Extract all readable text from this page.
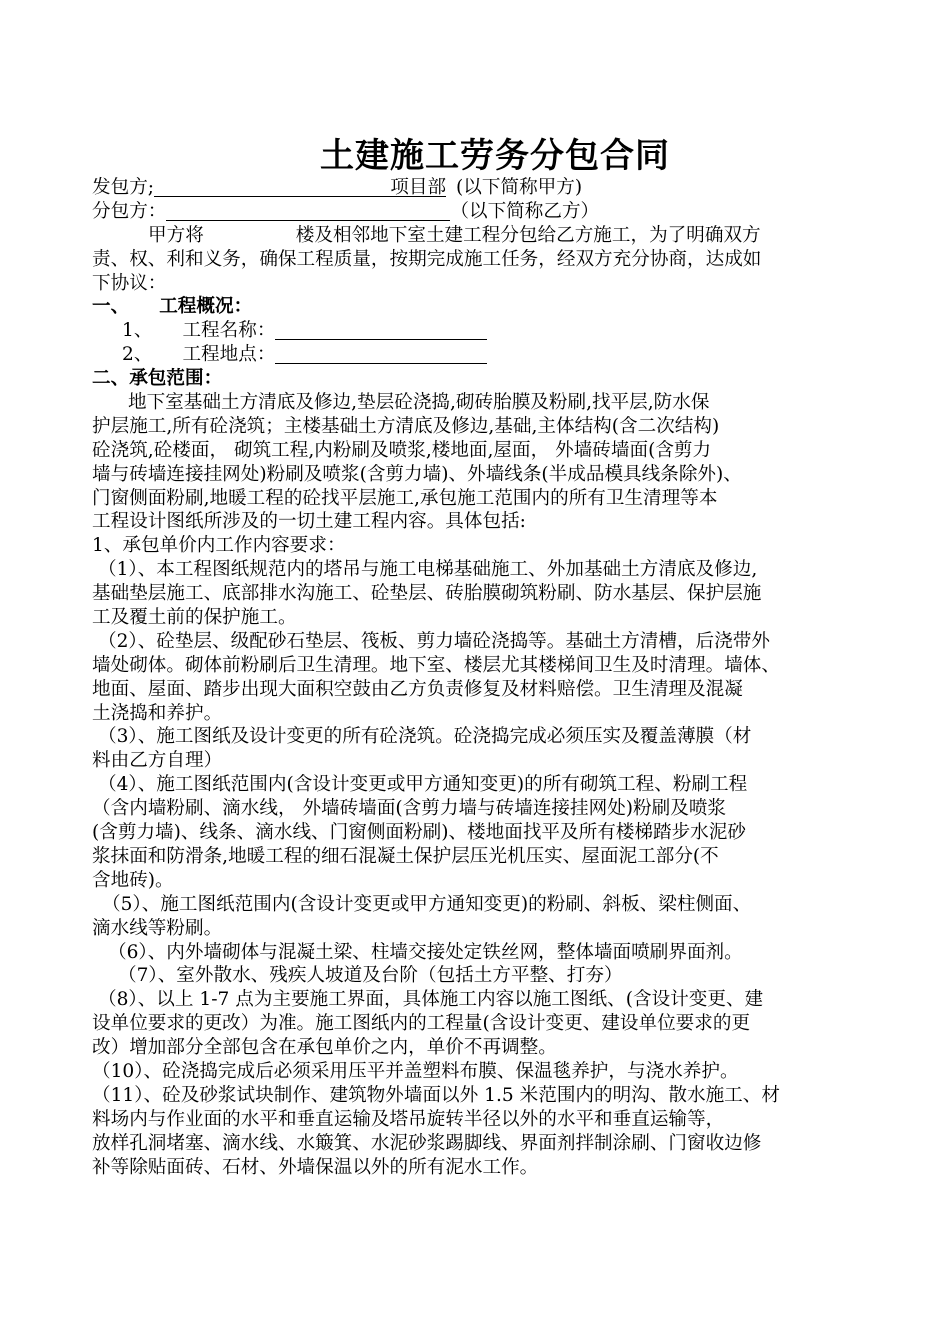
土建施工劳务分包合同
发包方;	项目部 (以下简称甲方)
分包方：	（以下简称乙方）
甲方将	楼及相邻地下室土建工程分包给乙方施工，为了明确双方
责、权、利和义务，确保工程质量，按期完成施工任务，经双方充分协商，达成如
下协议：
一、 工程概况：
1、 工程名称：
2、 工程地点：
二、承包范围：
地下室基础土方清底及修边,垫层砼浇捣,砌砖胎膜及粉刷,找平层,防水保
护层施工,所有砼浇筑；主楼基础土方清底及修边,基础,主体结构(含二次结构)
砼浇筑,砼楼面， 砌筑工程,内粉刷及喷浆,楼地面,屋面， 外墙砖墙面(含剪力
墙与砖墙连接挂网处)粉刷及喷浆(含剪力墙)、外墙线条(半成品模具线条除外)、
门窗侧面粉刷,地暖工程的砼找平层施工,承包施工范围内的所有卫生清理等本
工程设计图纸所涉及的一切土建工程内容。具体包括:
1、承包单价内工作内容要求：
（1）、本工程图纸规范内的塔吊与施工电梯基础施工、外加基础土方清底及修边,
基础垫层施工、底部排水沟施工、砼垫层、砖胎膜砌筑粉刷、防水基层、保护层施
工及覆土前的保护施工。
（2）、砼垫层、级配砂石垫层、筏板、剪力墙砼浇捣等。基础土方清槽，后浇带外
墙处砌体。砌体前粉刷后卫生清理。地下室、楼层尤其楼梯间卫生及时清理。墙体、
地面、屋面、踏步出现大面积空鼓由乙方负责修复及材料赔偿。卫生清理及混凝
土浇捣和养护。
（3）、施工图纸及设计变更的所有砼浇筑。砼浇捣完成必须压实及覆盖薄膜（材
料由乙方自理）
（4）、施工图纸范围内(含设计变更或甲方通知变更)的所有砌筑工程、粉刷工程
（含内墙粉刷、滴水线， 外墙砖墙面(含剪力墙与砖墙连接挂网处)粉刷及喷浆
(含剪力墙)、线条、滴水线、门窗侧面粉刷)、楼地面找平及所有楼梯踏步水泥砂
浆抹面和防滑条,地暖工程的细石混凝土保护层压光机压实、屋面泥工部分(不
含地砖)。
（5）、施工图纸范围内(含设计变更或甲方通知变更)的粉刷、斜板、梁柱侧面、
滴水线等粉刷。
（6）、内外墙砌体与混凝土梁、柱墙交接处定铁丝网，整体墙面喷刷界面剂。
（7）、室外散水、残疾人坡道及台阶（包括土方平整、打夯）
（8）、以上 1-7 点为主要施工界面，具体施工内容以施工图纸、(含设计变更、建
设单位要求的更改）为准。施工图纸内的工程量(含设计变更、建设单位要求的更
改）增加部分全部包含在承包单价之内，单价不再调整。
（10）、砼浇捣完成后必须采用压平并盖塑料布膜、保温毯养护，与浇水养护。
（11）、砼及砂浆试块制作、建筑物外墙面以外 1.5 米范围内的明沟、散水施工、材
料场内与作业面的水平和垂直运输及塔吊旋转半径以外的水平和垂直运输等，
放样孔洞堵塞、滴水线、水簸箕、水泥砂浆踢脚线、界面剂拌制涂刷、门窗收边修
补等除贴面砖、石材、外墙保温以外的所有泥水工作。
